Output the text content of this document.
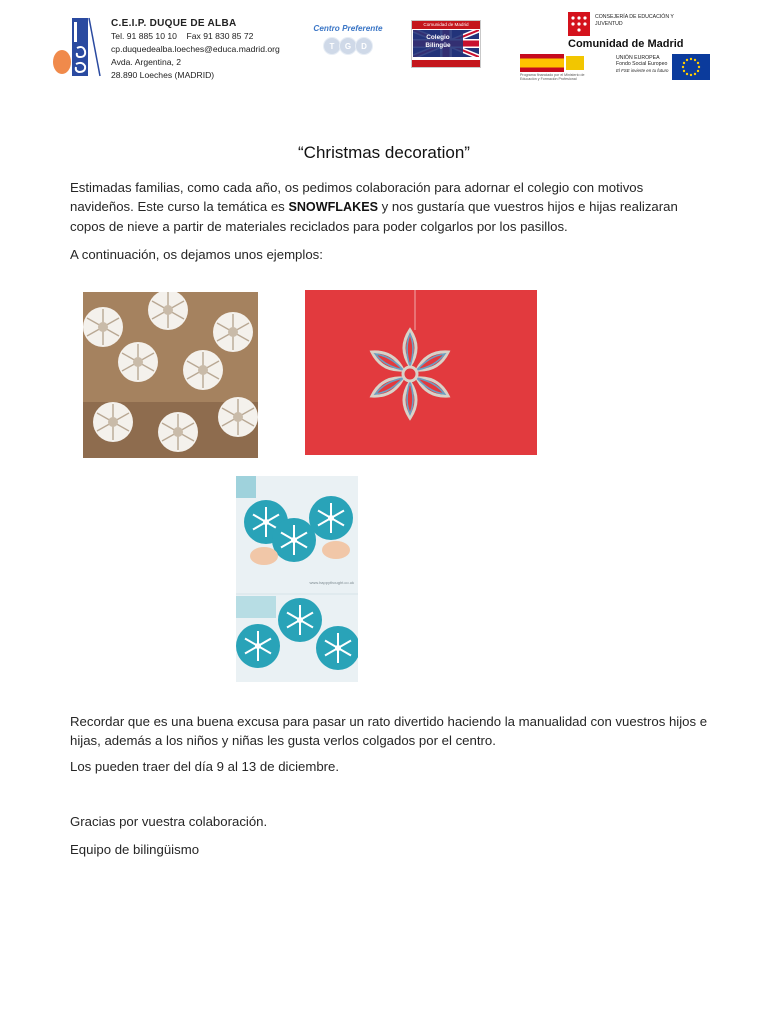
C.E.I.P. DUQUE DE ALBA
Tel. 91 885 10 10    Fax 91 830 85 72
cp.duquedealba.loeches@educa.madrid.org
Avda. Argentina, 2
28.890 Loeches (MADRID)
Centro Preferente
T	G	D
Comunidad de Madrid
Colegio Bilingüe
CONSEJERÍA DE EDUCACIÓN Y JUVENTUD
Comunidad de Madrid
Programa financiado por el Ministerio de Educación y Formación Profesional
UNIÓN EUROPEA
Fondo Social Europeo
El FSE invierte en tu futuro
“Christmas decoration”
Estimadas familias, como cada año, os pedimos colaboración para adornar el colegio con motivos navideños. Este curso la temática es SNOWFLAKES y nos gustaría que vuestros hijos e hijas realizaran copos de nieve a partir de materiales reciclados para poder colgarlos por los pasillos.
A continuación, os dejamos unos ejemplos:
www.happythought.co.uk
Recordar que es una buena excusa para pasar un rato divertido haciendo la manualidad con vuestros hijos e hijas, además a los niños y niñas les gusta verlos colgados por el centro.
Los pueden traer del día 9 al 13 de diciembre.
Gracias por vuestra colaboración.
Equipo de bilingüismo
